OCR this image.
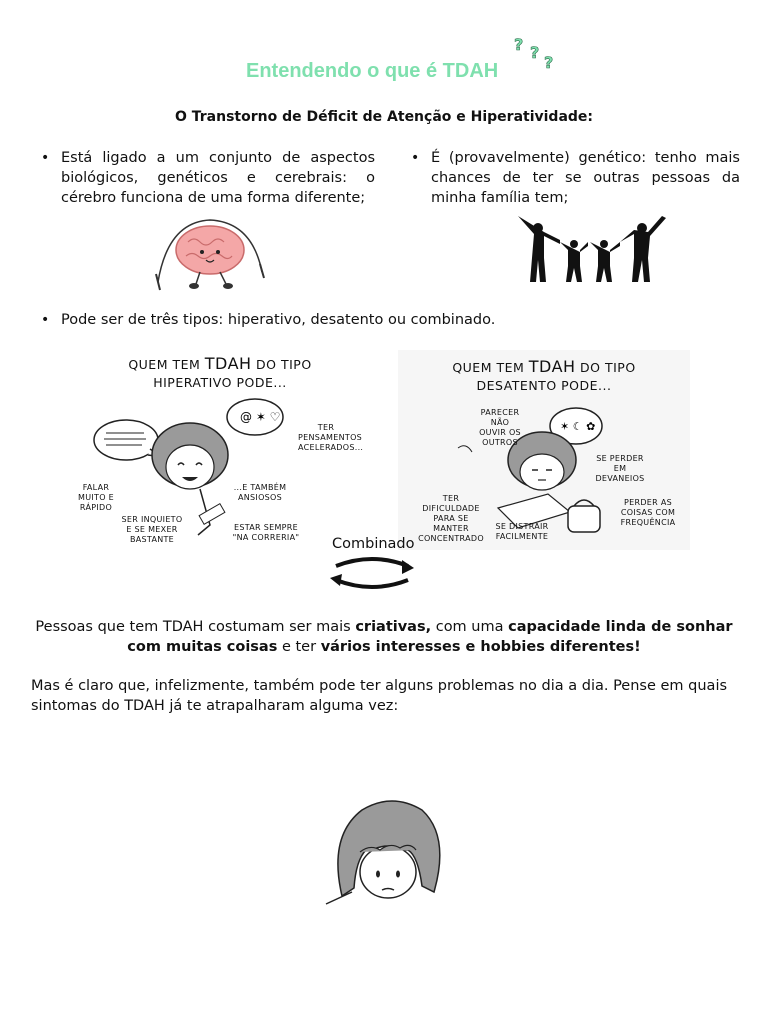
Entendendo o que é TDAH
? ?
?
O Transtorno de Déficit de Atenção e Hiperatividade:
• Está ligado a um conjunto de aspectos biológicos, genéticos e cerebrais: o cérebro funciona de uma forma diferente;
• É (provavelmente) genético: tenho mais chances de ter se outras pessoas da minha família tem;
• Pode ser de três tipos: hiperativo, desatento ou combinado.
QUEM TEM TDAH DO TIPO
HIPERATIVO PODE...
@ ✶ ♡
FALAR MUITO E RÁPIDO
TER PENSAMENTOS ACELERADOS...
...E TAMBÉM ANSIOSOS
SER INQUIETO E SE MEXER BASTANTE
ESTAR SEMPRE "NA CORRERIA"
QUEM TEM TDAH DO TIPO
DESATENTO PODE...
✶ ☾ ✿
PARECER NÃO OUVIR OS OUTROS
SE PERDER EM DEVANEIOS
TER DIFICULDADE PARA SE MANTER CONCENTRADO
PERDER AS COISAS COM FREQUÊNCIA
SE DISTRAIR FACILMENTE
Combinado
Pessoas que tem TDAH costumam ser mais criativas, com uma capacidade linda de sonhar com muitas coisas e ter vários interesses e hobbies diferentes!
Mas é claro que, infelizmente, também pode ter alguns problemas no dia a dia. Pense em quais sintomas do TDAH já te atrapalharam alguma vez:
